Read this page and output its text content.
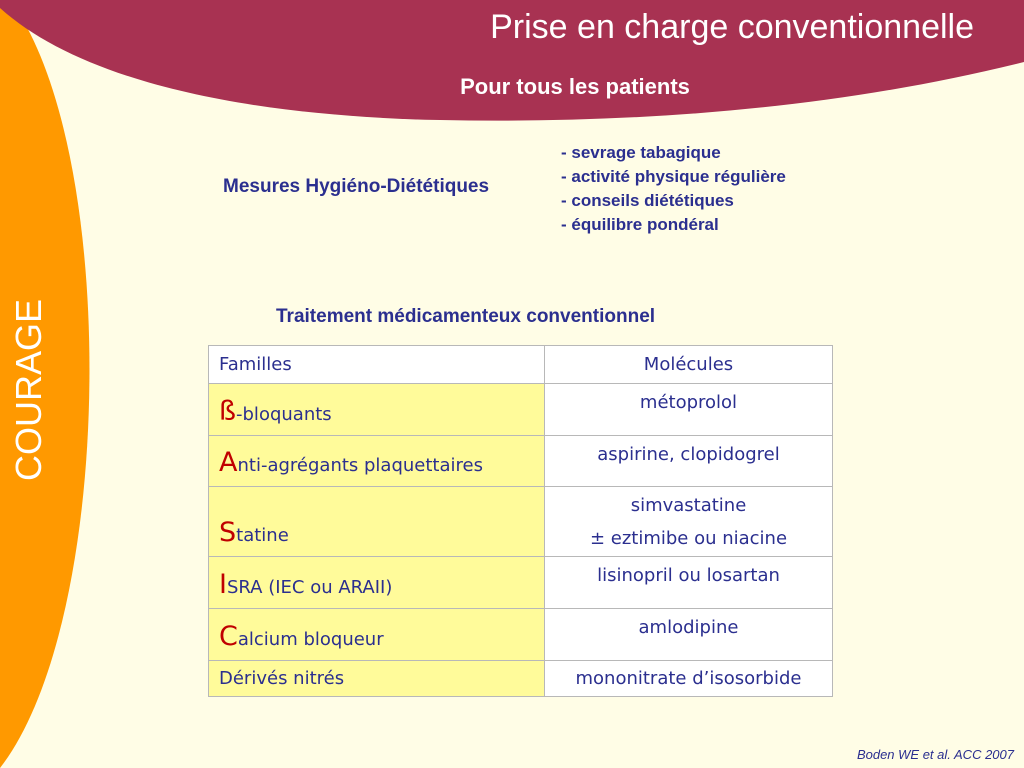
Prise en charge conventionnelle
Pour tous les patients
COURAGE
Mesures Hygiéno-Diététiques
- sevrage tabagique
- activité physique régulière
- conseils diététiques
- équilibre pondéral
Traitement médicamenteux conventionnel
Familles	Molécules
ß-bloquants	métoprolol
Anti-agrégants plaquettaires	aspirine, clopidogrel
Statine	simvastatine
± eztimibe ou niacine

ISRA (IEC ou ARAII)	lisinopril ou losartan
Calcium bloqueur	amlodipine
Dérivés nitrés	mononitrate d’isosorbide
Boden WE et al. ACC 2007
